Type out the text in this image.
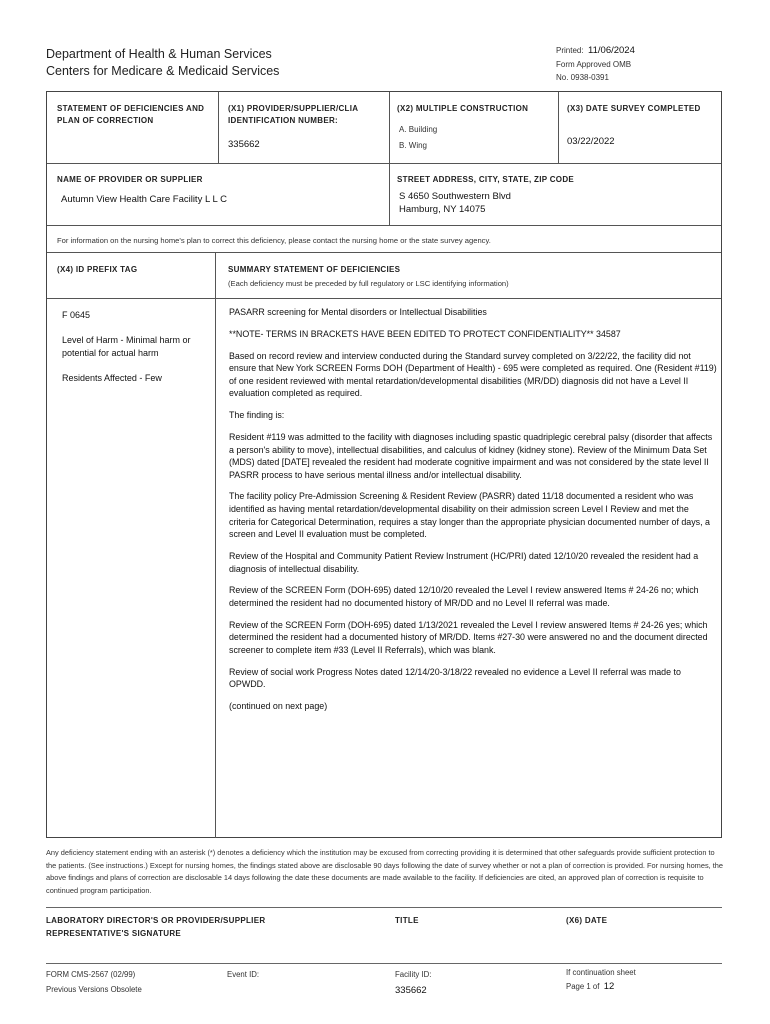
Department of Health & Human Services
Centers for Medicare & Medicaid Services
Printed: 11/06/2024
Form Approved OMB
No. 0938-0391
STATEMENT OF DEFICIENCIES AND PLAN OF CORRECTION
(X1) PROVIDER/SUPPLIER/CLIA IDENTIFICATION NUMBER:
335662
(X2) MULTIPLE CONSTRUCTION
A. Building
B. Wing
(X3) DATE SURVEY COMPLETED
03/22/2022
NAME OF PROVIDER OR SUPPLIER
Autumn View Health Care Facility L L C
STREET ADDRESS, CITY, STATE, ZIP CODE
S 4650 Southwestern Blvd
Hamburg, NY 14075
For information on the nursing home's plan to correct this deficiency, please contact the nursing home or the state survey agency.
(X4) ID PREFIX TAG	SUMMARY STATEMENT OF DEFICIENCIES
(Each deficiency must be preceded by full regulatory or LSC identifying information)
F 0645
Level of Harm - Minimal harm or potential for actual harm
Residents Affected - Few

PASARR screening for Mental disorders or Intellectual Disabilities

**NOTE- TERMS IN BRACKETS HAVE BEEN EDITED TO PROTECT CONFIDENTIALITY** 34587

Based on record review and interview conducted during the Standard survey completed on 3/22/22, the facility did not ensure that New York SCREEN Forms DOH (Department of Health) - 695 were completed as required. One (Resident #119) of one resident reviewed with mental retardation/developmental disabilities (MR/DD) diagnosis did not have a Level II evaluation completed as required.

The finding is:

Resident #119 was admitted to the facility with diagnoses including spastic quadriplegic cerebral palsy (disorder that affects a person's ability to move), intellectual disabilities, and calculus of kidney (kidney stone). Review of the Minimum Data Set (MDS) dated [DATE] revealed the resident had moderate cognitive impairment and was not considered by the state level II PASRR process to have serious mental illness and/or intellectual disability.

The facility policy Pre-Admission Screening & Resident Review (PASRR) dated 11/18 documented a resident who was identified as having mental retardation/developmental disability on their admission screen Level I Review and met the criteria for Categorical Determination, requires a stay longer than the appropriate physician documented number of days, a screen and Level II evaluation must be completed.

Review of the Hospital and Community Patient Review Instrument (HC/PRI) dated 12/10/20 revealed the resident had a diagnosis of intellectual disability.

Review of the SCREEN Form (DOH-695) dated 12/10/20 revealed the Level I review answered Items # 24-26 no; which determined the resident had no documented history of MR/DD and no Level II referral was made.

Review of the SCREEN Form (DOH-695) dated 1/13/2021 revealed the Level I review answered Items # 24-26 yes; which determined the resident had a documented history of MR/DD. Items #27-30 were answered no and the document directed screener to complete item #33 (Level II Referrals), which was blank.

Review of social work Progress Notes dated 12/14/20-3/18/22 revealed no evidence a Level II referral was made to OPWDD.

(continued on next page)

Any deficiency statement ending with an asterisk (*) denotes a deficiency which the institution may be excused from correcting providing it is determined that other safeguards provide sufficient protection to the patients. (See instructions.) Except for nursing homes, the findings stated above are disclosable 90 days following the date of survey whether or not a plan of correction is provided. For nursing homes, the above findings and plans of correction are disclosable 14 days following the date these documents are made available to the facility. If deficiencies are cited, an approved plan of correction is requisite to continued program participation.
LABORATORY DIRECTOR'S OR PROVIDER/SUPPLIER REPRESENTATIVE'S SIGNATURE
TITLE	(X6) DATE
FORM CMS-2567 (02/99)
Previous Versions Obsolete
Event ID:	Facility ID:
335662
If continuation sheet
Page 1 of 12
